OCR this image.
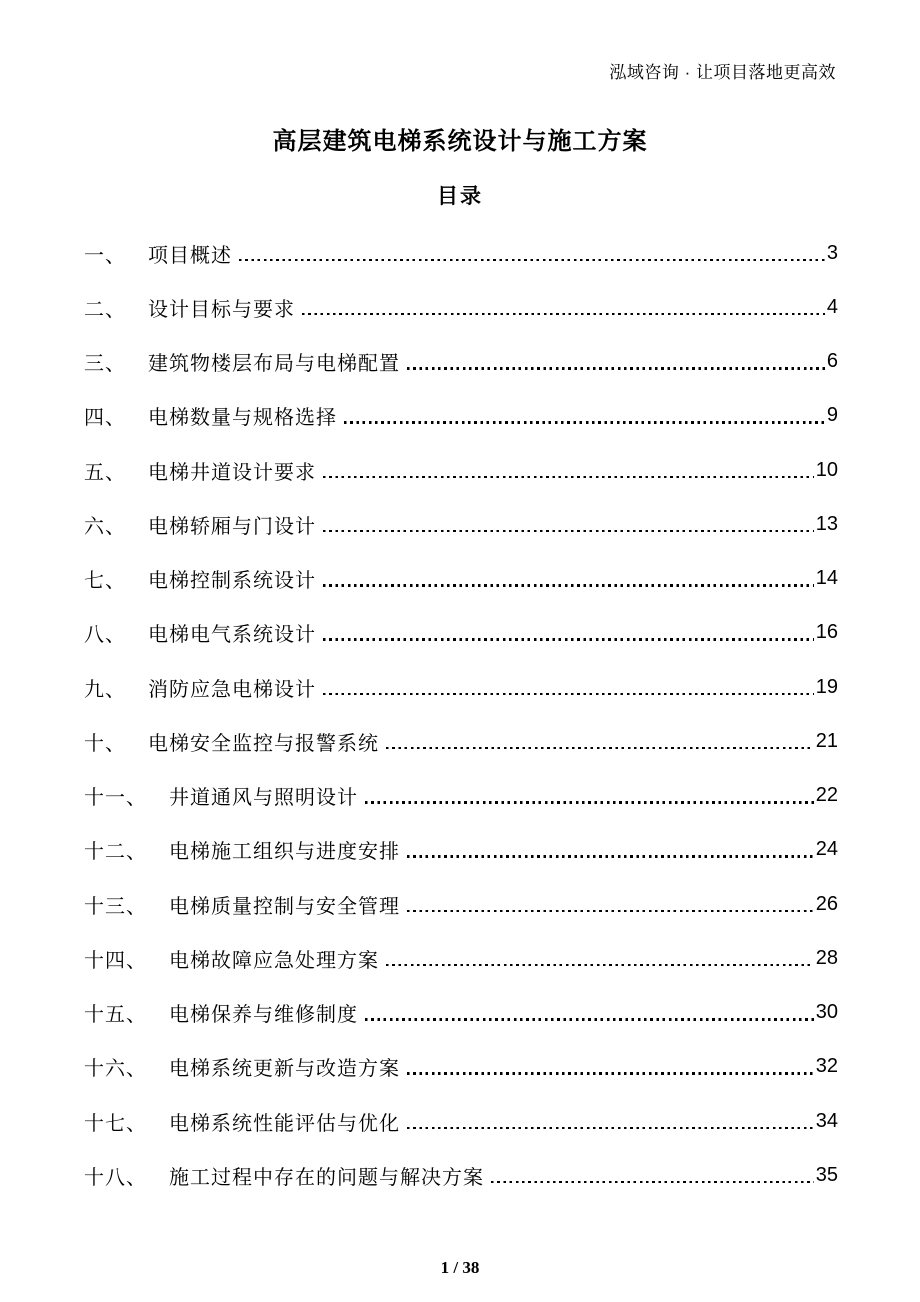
泓域咨询 · 让项目落地更高效
高层建筑电梯系统设计与施工方案
目录
一、 项目概述	3
二、 设计目标与要求	4
三、 建筑物楼层布局与电梯配置	6
四、 电梯数量与规格选择	9
五、 电梯井道设计要求	10
六、 电梯轿厢与门设计	13
七、 电梯控制系统设计	14
八、 电梯电气系统设计	16
九、 消防应急电梯设计	19
十、 电梯安全监控与报警系统	21
十一、 井道通风与照明设计	22
十二、 电梯施工组织与进度安排	24
十三、 电梯质量控制与安全管理	26
十四、 电梯故障应急处理方案	28
十五、 电梯保养与维修制度	30
十六、 电梯系统更新与改造方案	32
十七、 电梯系统性能评估与优化	34
十八、 施工过程中存在的问题与解决方案	35
1 / 38
